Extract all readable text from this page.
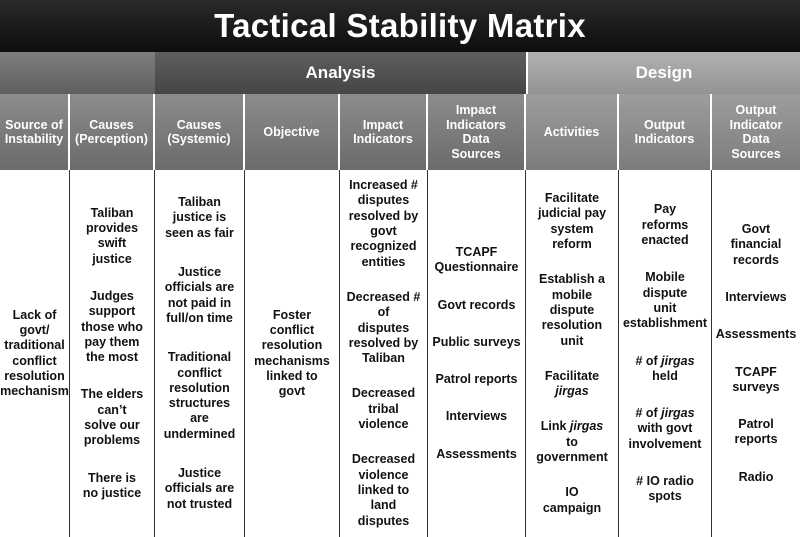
Tactical Stability Matrix
Analysis	Design
Source of
Instability
Causes
(Perception)
Causes
(Systemic)
Objective
Impact
Indicators
Impact
Indicators
Data
Sources
Activities
Output
Indicators
Output
Indicator
Data
Sources
Lack of
govt/
traditional
conflict
resolution
mechanism
Taliban
provides
swift
justice
Judges
support
those who
pay them
the most
The elders
can’t
solve our
problems
There is
no justice
Taliban
justice is
seen as fair
Justice
officials are
not paid in
full/on time
Traditional
conflict
resolution
structures
are
undermined
Justice
officials are
not trusted
Foster
conflict
resolution
mechanisms
linked to
govt
Increased #
disputes
resolved by
govt
recognized
entities
Decreased #
of
disputes
resolved by
Taliban
Decreased
tribal
violence
Decreased
violence
linked to
land
disputes
TCAPF
Questionnaire
Govt records
Public surveys
Patrol reports
Interviews
Assessments
Facilitate
judicial pay
system
reform
Establish a
mobile
dispute
resolution
unit
Facilitate
jirgas
Link jirgas
to
government
IO
campaign
Pay
reforms
enacted
Mobile
dispute
unit
establishment
# of jirgas
held
# of jirgas
with govt
involvement
# IO radio
spots
Govt
financial
records
Interviews
Assessments
TCAPF
surveys
Patrol
reports
Radio
